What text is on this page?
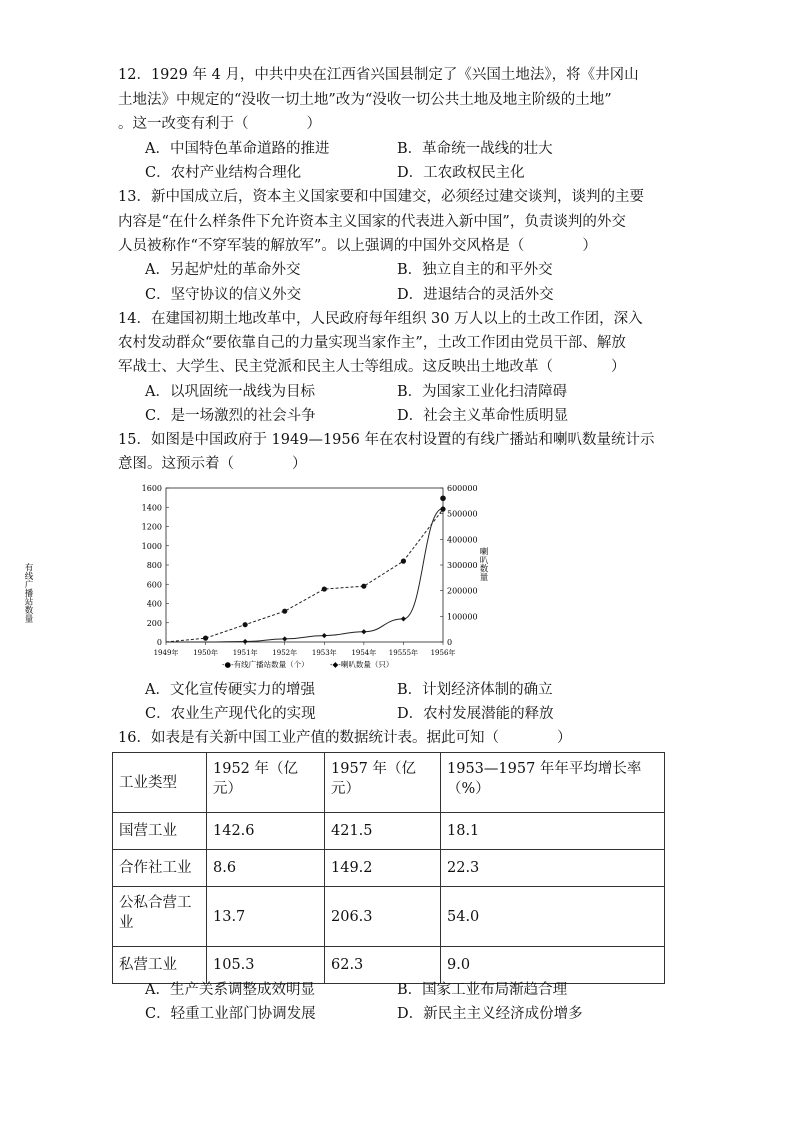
12．1929 年 4 月，中共中央在江西省兴国县制定了《兴国土地法》，将《井冈山
土地法》中规定的“没收一切土地”改为“没收一切公共土地及地主阶级的土地”
。这一改变有利于（　　　　）
A．中国特色革命道路的推进	B．革命统一战线的壮大
C．农村产业结构合理化	D．工农政权民主化
13．新中国成立后，资本主义国家要和中国建交，必须经过建交谈判，谈判的主要
内容是“在什么样条件下允许资本主义国家的代表进入新中国”，负责谈判的外交
人员被称作“不穿军装的解放军”。以上强调的中国外交风格是（　　　　）
A．另起炉灶的革命外交	B．独立自主的和平外交
C．坚守协议的信义外交	D．进退结合的灵活外交
14．在建国初期土地改革中，人民政府每年组织 30 万人以上的土改工作团，深入
农村发动群众“要依靠自己的力量实现当家作主”，土改工作团由党员干部、解放
军战士、大学生、民主党派和民主人士等组成。这反映出土地改革（　　　　）
A．以巩固统一战线为目标	B．为国家工业化扫清障碍
C．是一场激烈的社会斗争	D．社会主义革命性质明显
15．如图是中国政府于 1949—1956 年在农村设置的有线广播站和喇叭数量统计示
意图。这预示着（　　　　）
0
200
400
600
800
1000
1200
1400
1600
0
100000
200000
300000
400000
500000
600000
1949年 1950年 1951年 1952年 1953年 1954年 19555年 1956年
有线广播站数量	喇叭数量
-●-有线广播站数量（个）	-◆-喇叭数量（只）
A．文化宣传硬实力的增强	B．计划经济体制的确立
C．农业生产现代化的实现	D．农村发展潜能的释放
16．如表是有关新中国工业产值的数据统计表。据此可知（　　　　）
工业类型	1952 年（亿元）	1957 年（亿元）	1953—1957 年年平均增长率（%）
国营工业	142.6	421.5	18.1
合作社工业	8.6	149.2	22.3
公私合营工业	13.7	206.3	54.0
私营工业	105.3	62.3	9.0
A．生产关系调整成效明显	B．国家工业布局渐趋合理
C．轻重工业部门协调发展	D．新民主主义经济成份增多
